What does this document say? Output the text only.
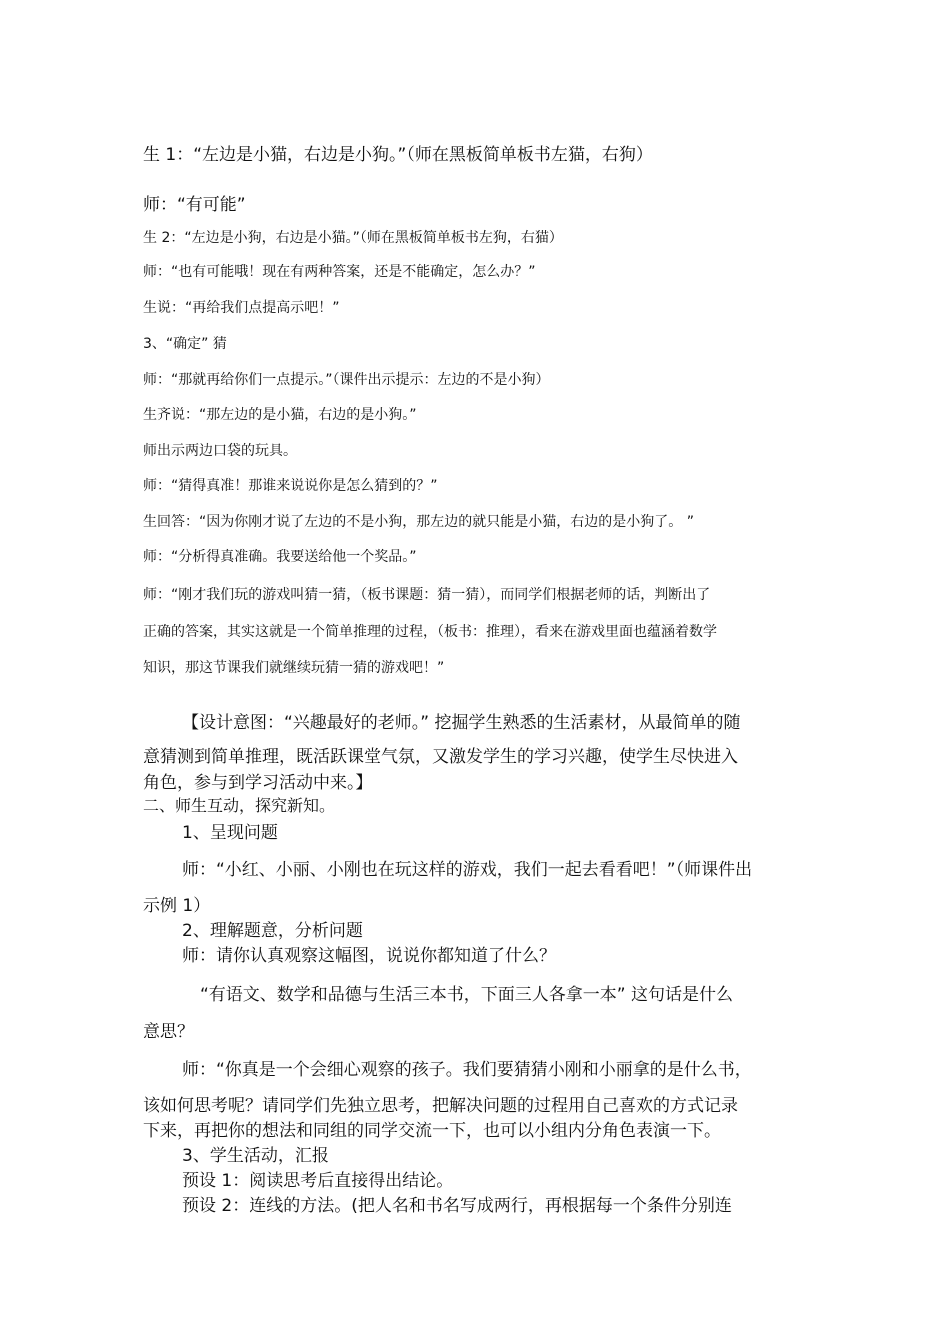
生 1：“左边是小猫，右边是小狗。”（师在黑板简单板书左猫，右狗）

师：“有可能”

生 2：“左边是小狗，右边是小猫。”（师在黑板简单板书左狗，右猫）

师：“也有可能哦！现在有两种答案，还是不能确定，怎么办？”

生说：“再给我们点提高示吧！”

3、“确定” 猜

师：“那就再给你们一点提示。”（课件出示提示：左边的不是小狗）

生齐说：“那左边的是小猫，右边的是小狗。”

师出示两边口袋的玩具。

师：“猜得真准！那谁来说说你是怎么猜到的？”

生回答：“因为你刚才说了左边的不是小狗，那左边的就只能是小猫，右边的是小狗了。 ”

师：“分析得真准确。我要送给他一个奖品。”

师：“刚才我们玩的游戏叫猜一猜，（板书课题：猜一猜），而同学们根据老师的话，判断出了

正确的答案，其实这就是一个简单推理的过程，（板书：推理），看来在游戏里面也蕴涵着数学

知识，那这节课我们就继续玩猜一猜的游戏吧！”

【设计意图：“兴趣最好的老师。” 挖掘学生熟悉的生活素材，从最简单的随

意猜测到简单推理，既活跃课堂气氛，又激发学生的学习兴趣，使学生尽快进入

角色，参与到学习活动中来。】

二、师生互动，探究新知。

1、呈现问题

师：“小红、小丽、小刚也在玩这样的游戏，我们一起去看看吧！”（师课件出

示例 1）

2、理解题意，分析问题

师：请你认真观察这幅图，说说你都知道了什么？

“有语文、数学和品德与生活三本书，下面三人各拿一本” 这句话是什么

意思？

师：“你真是一个会细心观察的孩子。我们要猜猜小刚和小丽拿的是什么书，

该如何思考呢？请同学们先独立思考，把解决问题的过程用自己喜欢的方式记录

下来，再把你的想法和同组的同学交流一下，也可以小组内分角色表演一下。

3、学生活动，汇报

预设 1：阅读思考后直接得出结论。

预设 2：连线的方法。(把人名和书名写成两行，再根据每一个条件分别连
